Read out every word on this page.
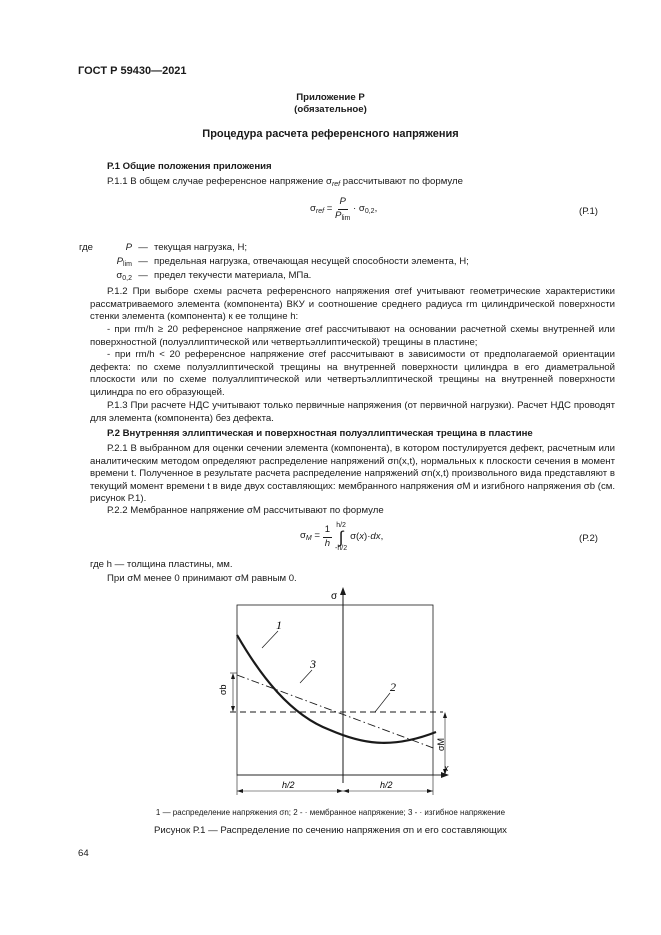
ГОСТ Р 59430—2021
Приложение Р
(обязательное)
Процедура расчета референсного напряжения
Р.1 Общие положения приложения
Р.1.1 В общем случае референсное напряжение $\sigma_{ref}$ рассчитывают по формуле
$\sigma_{ref} = \frac{P}{P_{lim}} \cdot \sigma_{0,2}$,	(Р.1)
где	P — текущая нагрузка, Н;
$P_{lim}$ — предельная нагрузка, отвечающая несущей способности элемента, Н;
$\sigma_{0,2}$ — предел текучести материала, МПа.
Р.1.2 При выборе схемы расчета референсного напряжения σref учитывают геометрические характеристики рассматриваемого элемента (компонента) ВКУ и соотношение среднего радиуса rm цилиндрической поверхности стенки элемента (компонента) к ее толщине h:
- при rm/h ≥ 20 референсное напряжение σref рассчитывают на основании расчетной схемы внутренней или поверхностной (полуэллиптической или четвертьэллиптической) трещины в пластине;
- при rm/h < 20 референсное напряжение σref рассчитывают в зависимости от предполагаемой ориентации дефекта: по схеме полуэллиптической трещины на внутренней поверхности цилиндра в его диаметральной плоскости или по схеме полуэллиптической или четвертьэллиптической трещины на внутренней поверхности цилиндра по его образующей.
Р.1.3 При расчете НДС учитывают только первичные напряжения (от первичной нагрузки). Расчет НДС проводят для элемента (компонента) без дефекта.
Р.2 Внутренняя эллиптическая и поверхностная полуэллиптическая трещина в пластине
Р.2.1 В выбранном для оценки сечении элемента (компонента), в котором постулируется дефект, расчетным или аналитическим методом определяют распределение напряжений σn(x,t), нормальных к плоскости сечения в момент времени t. Полученное в результате расчета распределение напряжений σn(x,t) произвольного вида представляют в текущий момент времени t в виде двух составляющих: мембранного напряжения σM и изгибного напряжения σb (см. рисунок Р.1).
Р.2.2 Мембранное напряжение σM рассчитывают по формуле
$\sigma_M = \frac{1}{h} h/2$
∫
-h/2
σ(x)·dx,	(Р.2)
где h — толщина пластины, мм.
При σM менее 0 принимают σM равным 0.
1
3
2
σb
σM
σ
x
h/2	h/2
1 — распределение напряжения σn; 2 - · мембранное напряжение; 3 - · изгибное напряжение
Рисунок Р.1 — Распределение по сечению напряжения σn и его составляющих
64
